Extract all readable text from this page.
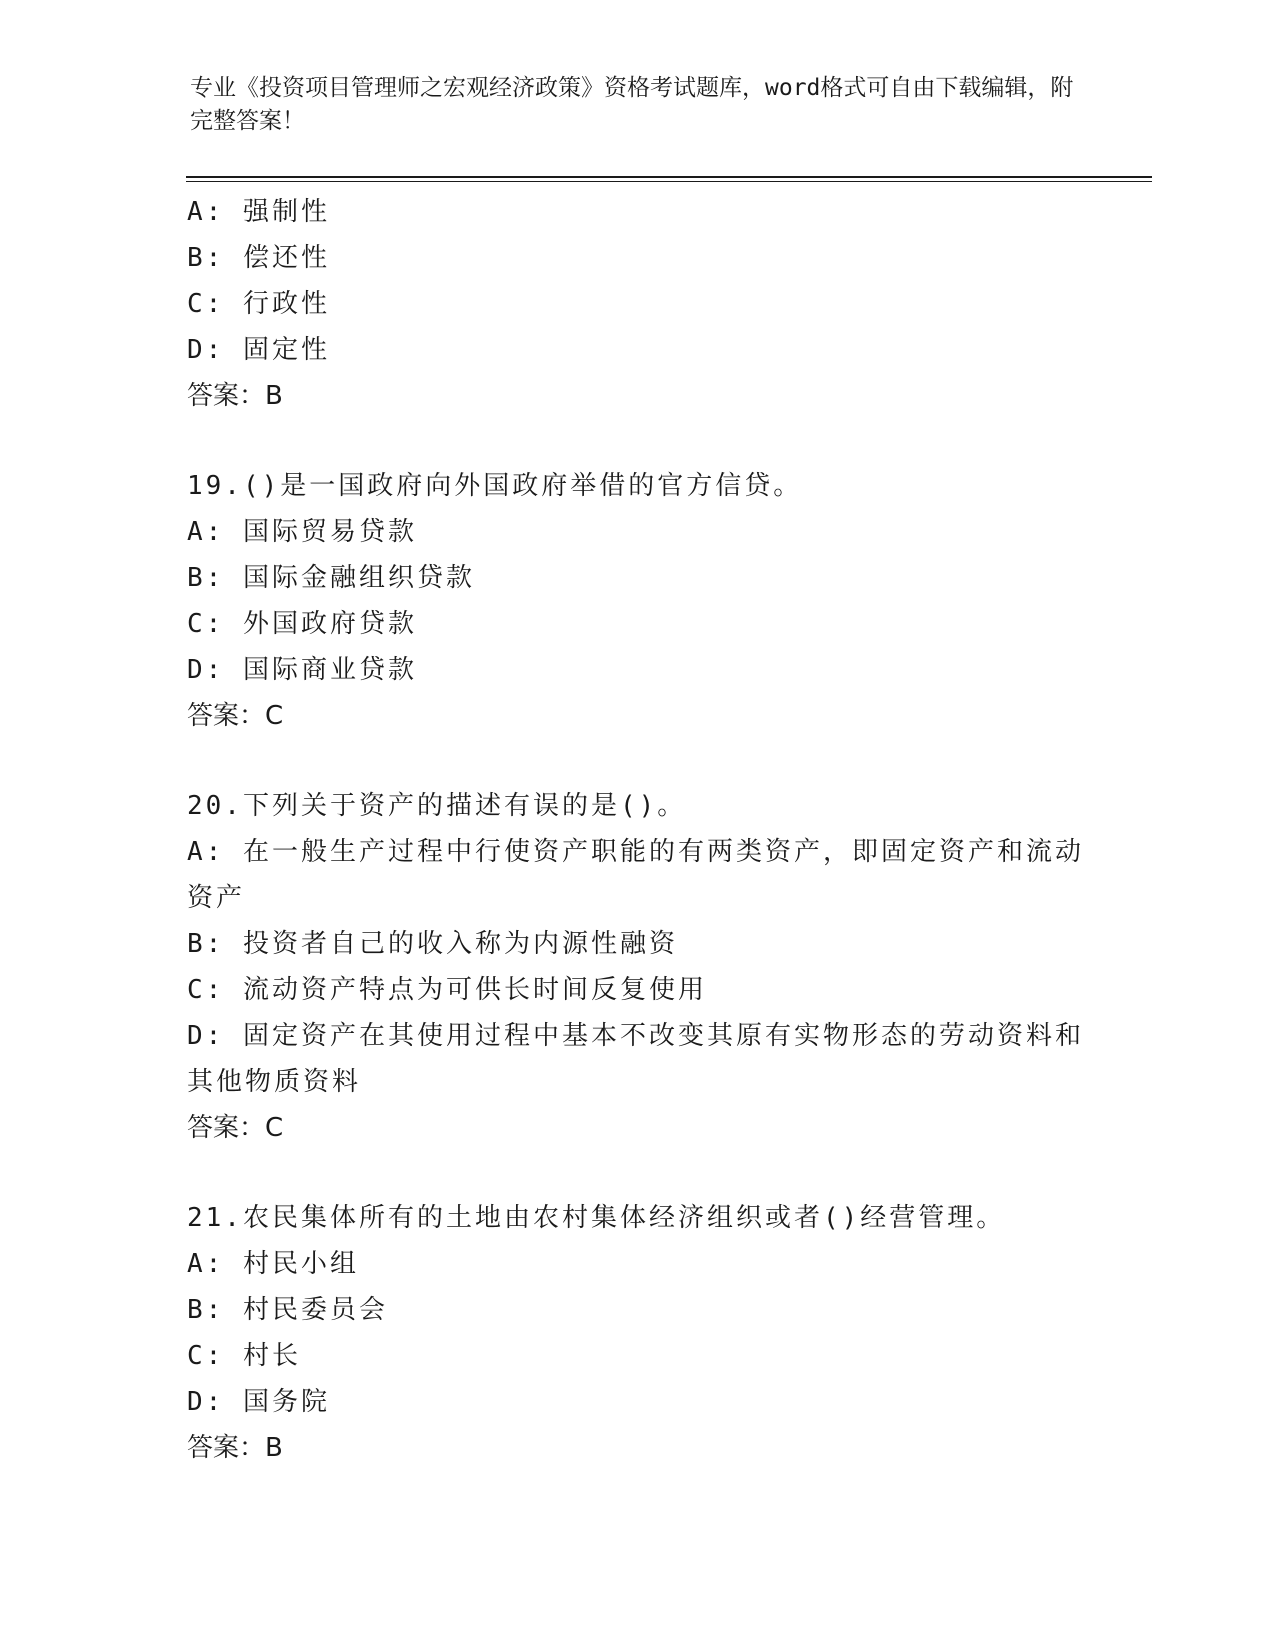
专业《投资项目管理师之宏观经济政策》资格考试题库，word格式可自由下载编辑，附完整答案！
A: 强制性
B: 偿还性
C: 行政性
D: 固定性
答案：B
19.()是一国政府向外国政府举借的官方信贷。
A: 国际贸易贷款
B: 国际金融组织贷款
C: 外国政府贷款
D: 国际商业贷款
答案：C
20.下列关于资产的描述有误的是()。
A: 在一般生产过程中行使资产职能的有两类资产，即固定资产和流动资产
B: 投资者自己的收入称为内源性融资
C: 流动资产特点为可供长时间反复使用
D: 固定资产在其使用过程中基本不改变其原有实物形态的劳动资料和其他物质资料
答案：C
21.农民集体所有的土地由农村集体经济组织或者()经营管理。
A: 村民小组
B: 村民委员会
C: 村长
D: 国务院
答案：B
